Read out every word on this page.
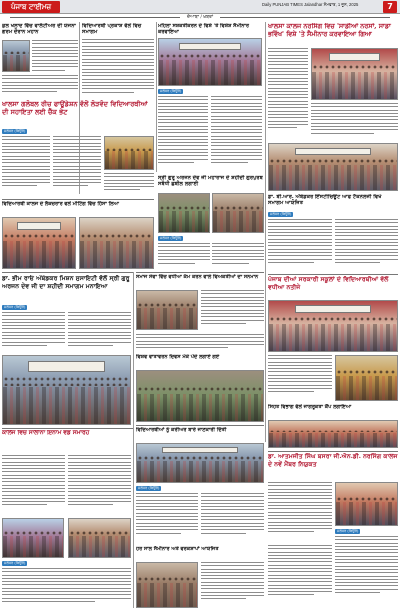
ਪੰਜਾਬ ਟਾਈਮਜ਼	Daily PUNJAB TIMES Jalandhar ਸੋਮਵਾਰ, 1 ਜੂਨ, 2025	7
ਦੋਆਬਾ / ਖ਼ਬਰਾਂ
ਕੁਲ ਖਲਾਦ ਵਿੱਚ ਵਾਲੰਟੀਅਰ ਦੀ ਯੋਜਨਾ ਗਰਮ ਦੌਰਾਨ ਮਹਾਨ
ਵਿਦਿਆਰਥੀ ਪ੍ਰਕਾਸ਼ ਵੱਲੋਂ ਵਿਚ ਸਮਾਗਮ
ਮਹਿਲਾ ਸਸ਼ਕਤੀਕਰਨ ਦੇ ਵਿਸ਼ੇ 'ਤੇ ਵਿਸ਼ੇਸ਼ ਸੈਮੀਨਾਰ ਕਰਵਾਇਆ
ਜਲੰਧਰ (ਬਿਊਰੋ)
ਖਾਲਸਾ ਕਾਲਜ ਨਰਸਿੰਗ ਵਿਚ 'ਸਾਡੀਆਂ ਨਰਸਾਂ, ਸਾਡਾ ਭਵਿੱਖ' ਵਿਸ਼ੇ 'ਤੇ ਸੈਮੀਨਾਰ ਕਰਵਾਇਆ ਗਿਆ
ਖਾਲਸਾ ਗਲੋਬਲ ਰੀਚ ਫਾਊਂਡੇਸ਼ਨ ਵੱਲੋਂ ਲੋੜਵੰਦ ਵਿਦਿਆਰਥੀਆਂ ਦੀ ਸਹਾਇਤਾ ਲਈ ਚੈੱਕ ਭੇਟ
ਜਲੰਧਰ (ਬਿਊਰੋ)
ਸ੍ਰੀ ਗੁਰੂ ਅਰਜਨ ਦੇਵ ਜੀ ਮਹਾਰਾਜ ਦੇ ਸ਼ਹੀਦੀ ਗੁਰਪੁਰਬ ਸਬੰਧੀ ਛਬੀਲ ਲਗਾਈ
ਜਲੰਧਰ (ਬਿਊਰੋ)
ਡਾ. ਬੀ.ਆਰ. ਅੰਬੇਡਕਰ ਇੰਸਟੀਚਿਊਟ ਆਫ ਟੈਕਨੋਲੋਜੀ ਵਿਖੇ ਸਮਾਗਮ ਆਯੋਜਿਤ
ਜਲੰਧਰ (ਬਿਊਰੋ)
ਵਿਦਿਆਰਥੀ ਕਾਲਜ ਦੇ ਲੈਕਚਰਾਰ ਵਲੋਂ ਮੀਟਿੰਗ ਵਿੱਚ ਹਿੱਸਾ ਲਿਆ
ਡਾ. ਭੀਮ ਰਾਓ ਅੰਬੇਡਕਰ ਮਿਸ਼ਨ ਸੁਸਾਇਟੀ ਵੱਲੋਂ ਸ੍ਰੀ ਗੁਰੂ ਅਰਜਨ ਦੇਵ ਜੀ ਦਾ ਸ਼ਹੀਦੀ ਸਮਾਗਮ ਮਨਾਇਆ
ਜਲੰਧਰ (ਬਿਊਰੋ)
ਸਮਾਜ ਸੇਵਾ ਵਿੱਚ ਵਧੀਆ ਕੰਮ ਕਰਨ ਵਾਲੇ ਵਿਅਕਤੀਆਂ ਦਾ ਸਨਮਾਨ
ਵਿਸ਼ਵ ਵਾਤਾਵਰਨ ਦਿਵਸ ਮੌਕੇ ਪੌਦੇ ਲਗਾਏ ਗਏ
ਪੰਜਾਬ ਦੀਆਂ ਸਰਕਾਰੀ ਸਕੂਲਾਂ ਦੇ ਵਿਦਿਆਰਥੀਆਂ ਵੱਲੋਂ ਵਧੀਆ ਨਤੀਜੇ
ਸਿਹਤ ਵਿਭਾਗ ਵੱਲੋਂ ਜਾਗਰੂਕਤਾ ਕੈਂਪ ਲਗਾਇਆ
ਕਾਲਜ ਵਿੱਚ ਸਾਲਾਨਾ ਇਨਾਮ ਵੰਡ ਸਮਾਰੋਹ
ਜਲੰਧਰ (ਬਿਊਰੋ)
ਵਿਦਿਆਰਥੀਆਂ ਨੂੰ ਕਰੀਅਰ ਬਾਰੇ ਜਾਣਕਾਰੀ ਦਿੱਤੀ
ਜਲੰਧਰ (ਬਿਊਰੋ)
ਹਰ ਸਾਲ ਸੈਮੀਨਾਰ ਅਤੇ ਵਰਕਸ਼ਾਪਾਂ ਆਯੋਜਿਤ
ਡਾ. ਆਤਮਜੀਤ ਸਿੰਘ ਬਸਰਾ ਜੀ.ਐਨ.ਡੀ. ਨਰਸਿੰਗ ਕਾਲਜ ਦੇ ਨਵੇਂ ਮੈਂਬਰ ਨਿਯੁਕਤ
ਜਲੰਧਰ (ਬਿਊਰੋ)
